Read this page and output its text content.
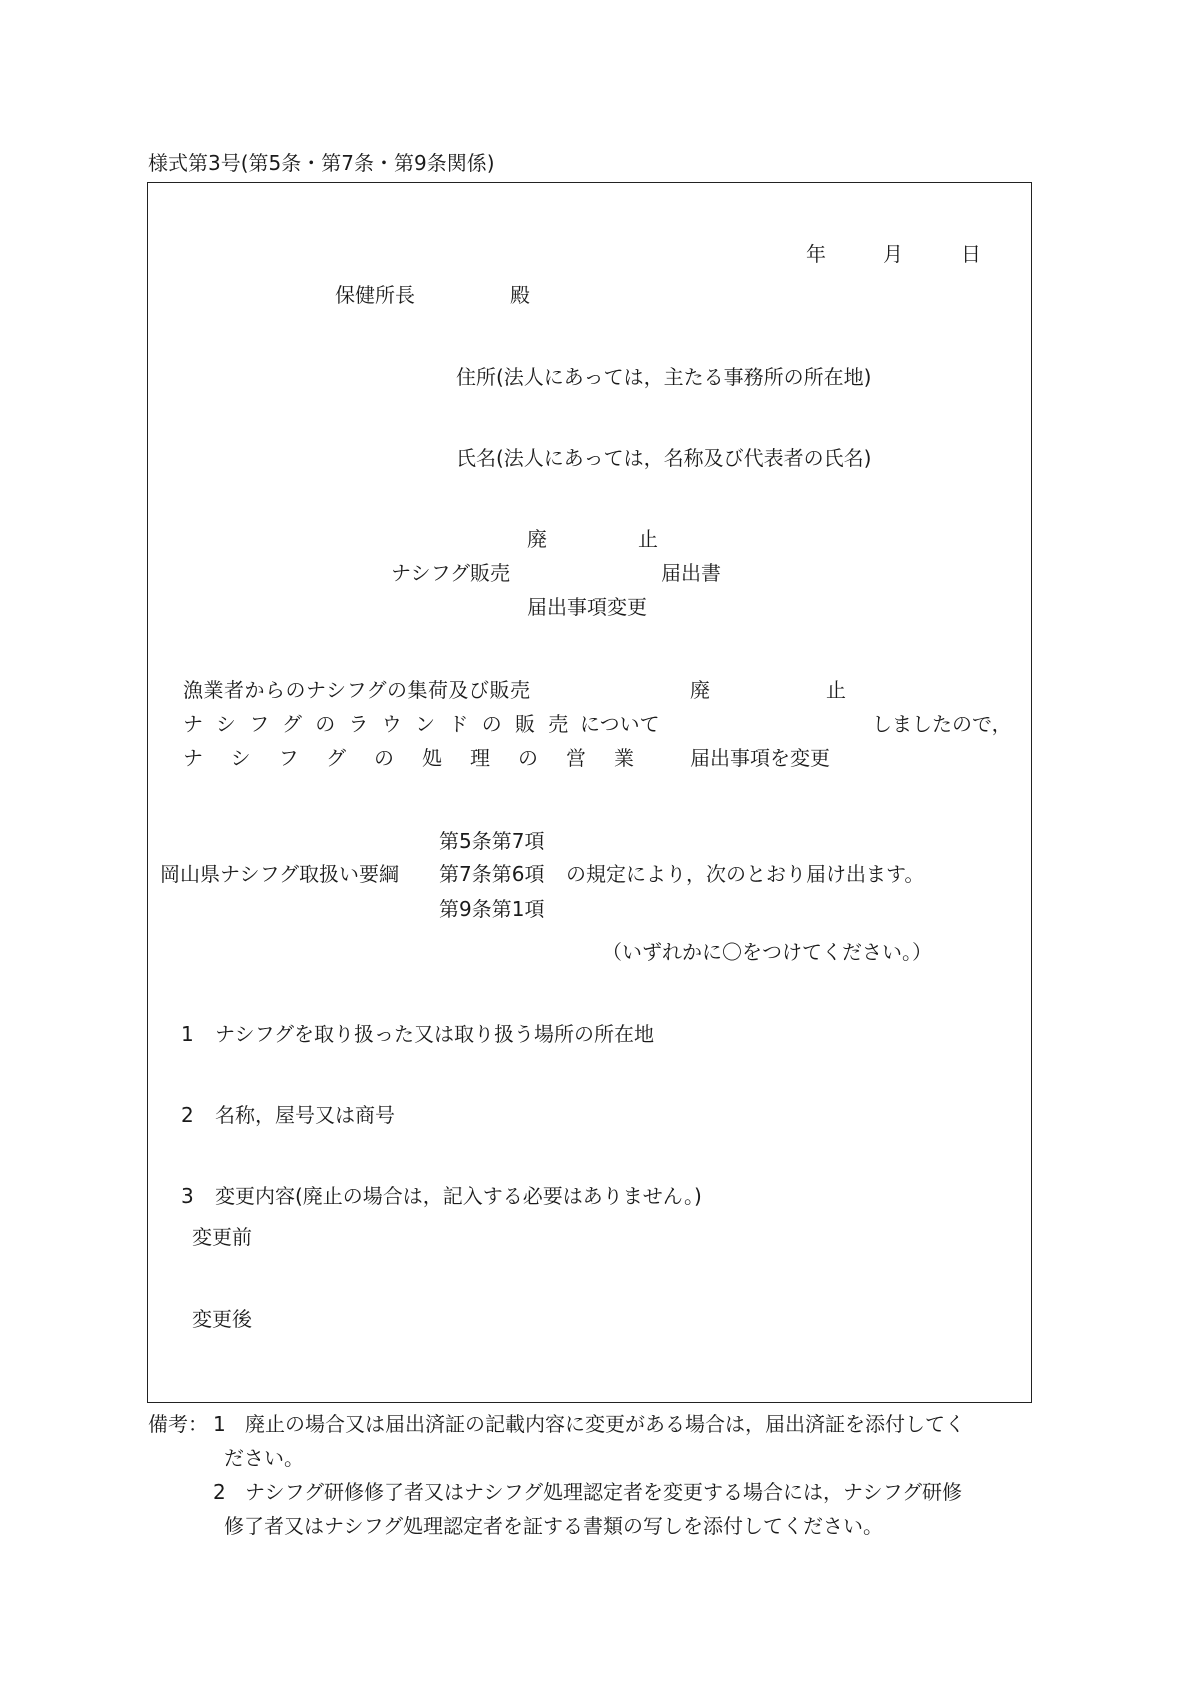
様式第3号(第5条・第7条・第9条関係)
年	月	日
保健所長	殿
住所(法人にあっては，主たる事務所の所在地)
氏名(法人にあっては，名称及び代表者の氏名)
廃	止
ナシフグ販売	届出書
届出事項変更
漁業者からのナシフグの集荷及び販売
ナシフグのラウンドの販売
ナシフグの処理の営業
について
廃	止
届出事項を変更
しましたので，
岡山県ナシフグ取扱い要綱
第5条第7項
第7条第6項
第9条第1項
の規定により，次のとおり届け出ます。
（いずれかに〇をつけてください。）
1 ナシフグを取り扱った又は取り扱う場所の所在地
2 名称，屋号又は商号
3 変更内容(廃止の場合は，記入する必要はありません。)
変更前
変更後
備考： 1 廃止の場合又は届出済証の記載内容に変更がある場合は，届出済証を添付してく
ださい。
2 ナシフグ研修修了者又はナシフグ処理認定者を変更する場合には，ナシフグ研修
修了者又はナシフグ処理認定者を証する書類の写しを添付してください。
